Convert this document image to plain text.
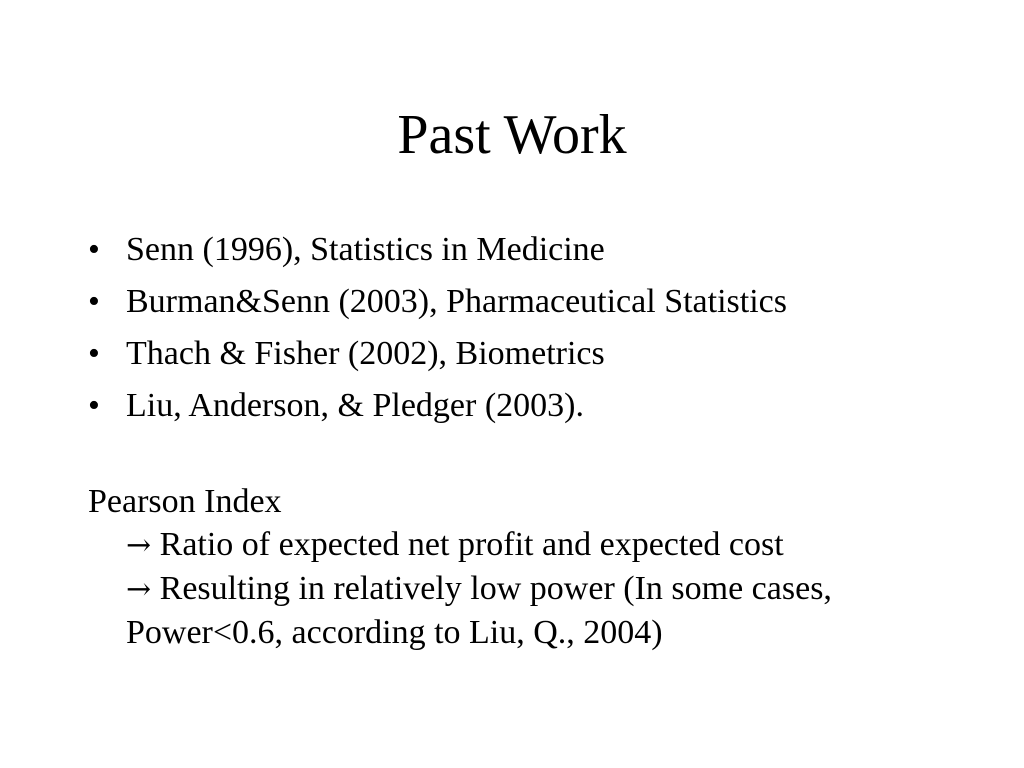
Past Work
• Senn (1996), Statistics in Medicine
• Burman&Senn (2003), Pharmaceutical Statistics
• Thach & Fisher (2002), Biometrics
• Liu, Anderson, & Pledger (2003).
Pearson Index
→ Ratio of expected net profit and expected cost
→ Resulting in relatively low power (In some cases, Power<0.6, according to Liu, Q., 2004)
